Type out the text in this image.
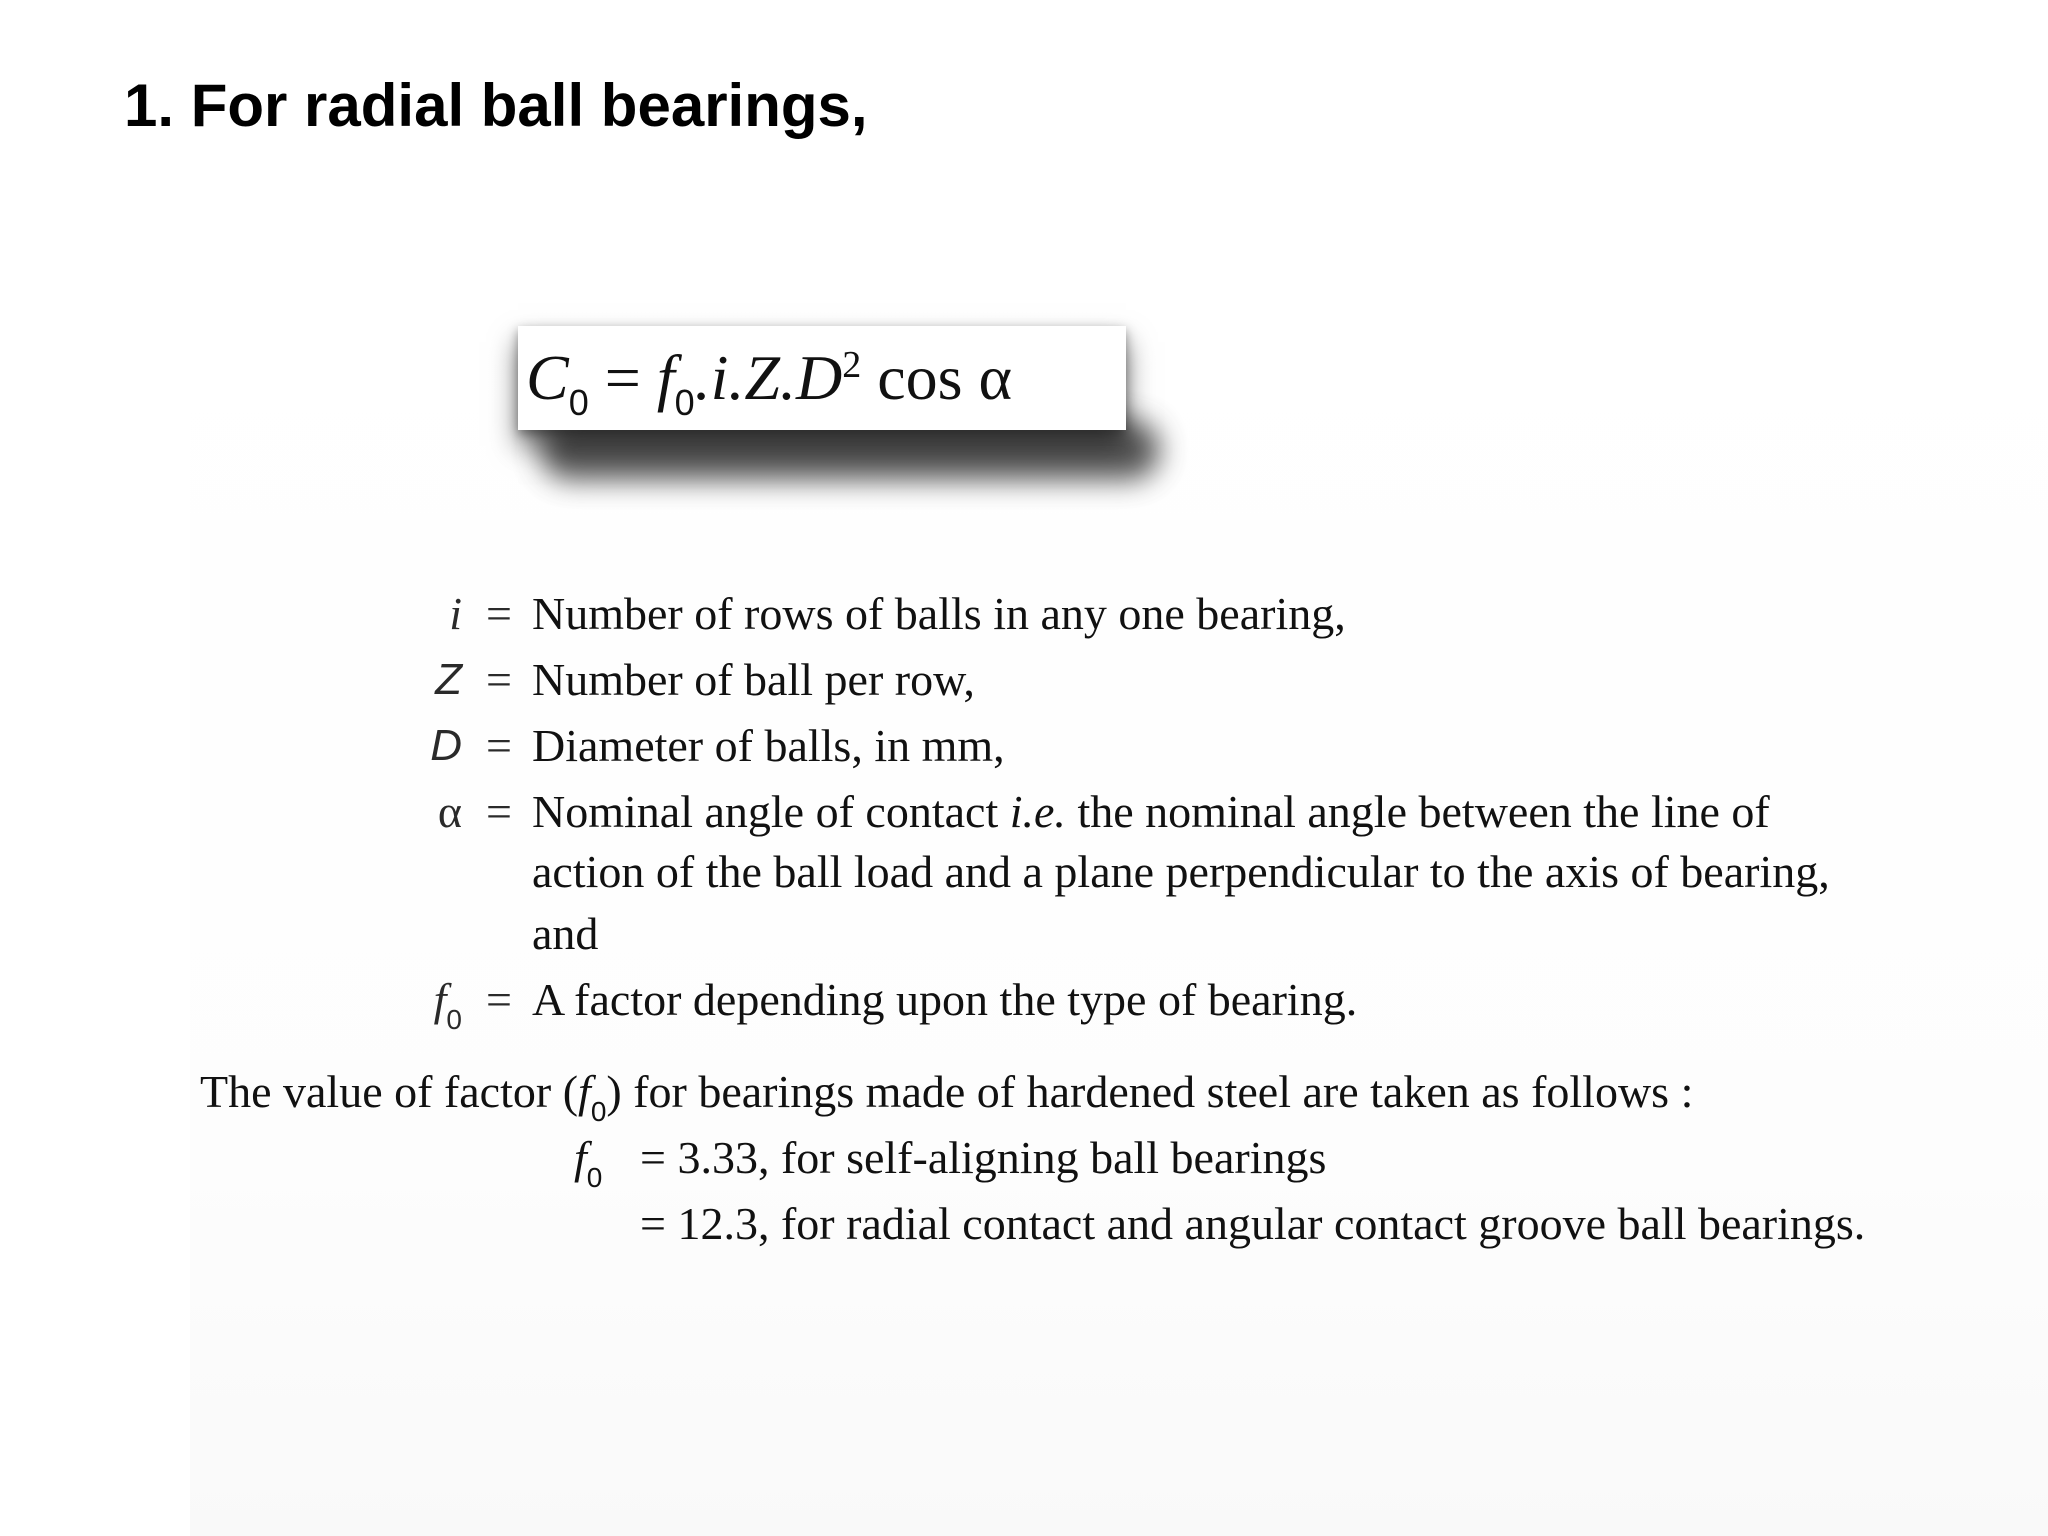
1. For radial ball bearings,
$C_0 = f_0.i.Z.D^2$ cos α
i = Number of rows of balls in any one bearing,
Z = Number of ball per row,
D = Diameter of balls, in mm,
α = Nominal angle of contact i.e. the nominal angle between the line of
action of the ball load and a plane perpendicular to the axis of bearing,
and
$f_0 = A$ factor depending upon the type of bearing.
The value of factor $(f_0)$ for bearings made of hardened steel are taken as follows :
$f_0 = 3.33$, for self-aligning ball bearings
= 12.3, for radial contact and angular contact groove ball bearings.
